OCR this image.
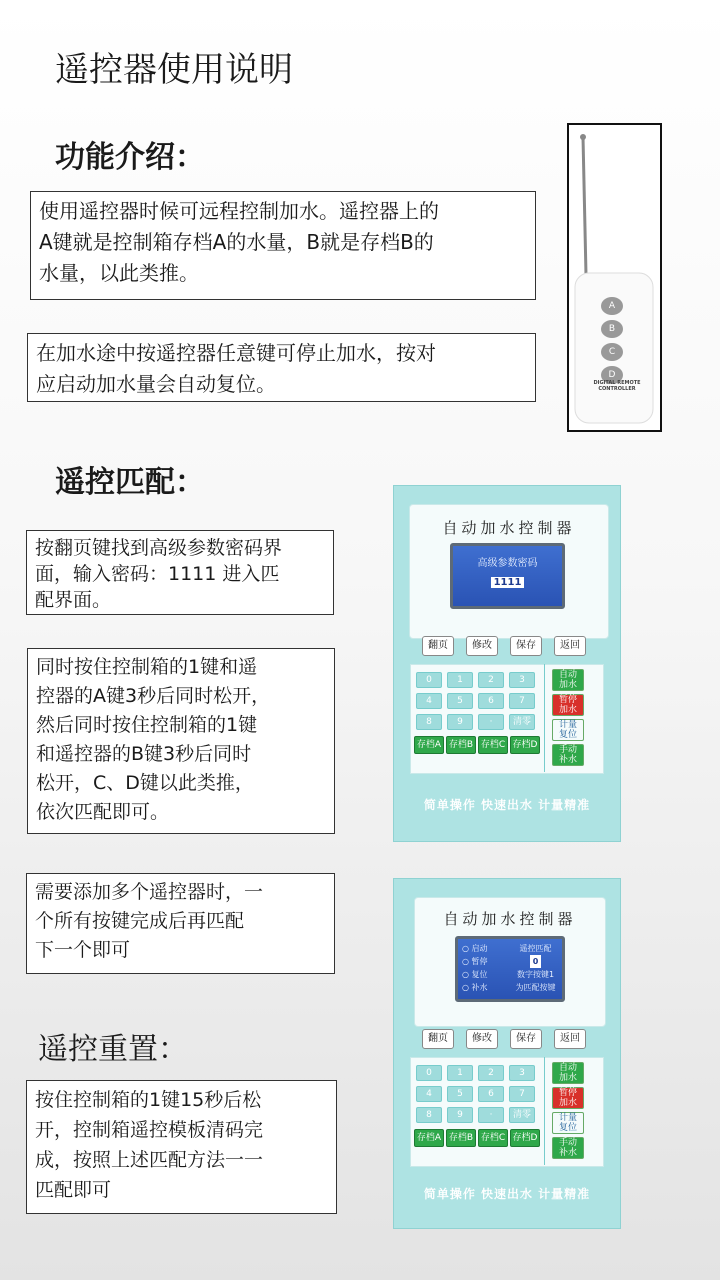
遥控器使用说明
功能介绍：
使用遥控器时候可远程控制加水。遥控器上的
A键就是控制箱存档A的水量，B就是存档B的
水量，以此类推。
在加水途中按遥控器任意键可停止加水，按对
应启动加水量会自动复位。
A
B
C
D
DIGITAL REMOTE CONTROLLER
遥控匹配：
按翻页键找到高级参数密码界
面，输入密码：1111 进入匹
配界面。
同时按住控制箱的1键和遥
控器的A键3秒后同时松开，
然后同时按住控制箱的1键
和遥控器的B键3秒后同时
松开，C、D键以此类推，
依次匹配即可。
需要添加多个遥控器时，一
个所有按键完成后再匹配
下一个即可
遥控重置：
按住控制箱的1键15秒后松
开，控制箱遥控模板清码完
成，按照上述匹配方法一一
匹配即可
自动加水控制器
高级参数密码
1111
翻页	修改	保存	返回
0	1	2	3
4	5	6	7
8	9	·	清零
存档A 存档B 存档C 存档D
自动
加水
暂停
加水
计量
复位
手动
补水
简单操作 快速出水 计量精准
自动加水控制器
○ 启动
○ 暂停
○ 复位
○ 补水
遥控匹配
0
数字按键1
为匹配按键
翻页	修改	保存	返回
0	1	2	3
4	5	6	7
8	9	·	清零
存档A 存档B 存档C 存档D
自动
加水
暂停
加水
计量
复位
手动
补水
简单操作 快速出水 计量精准
